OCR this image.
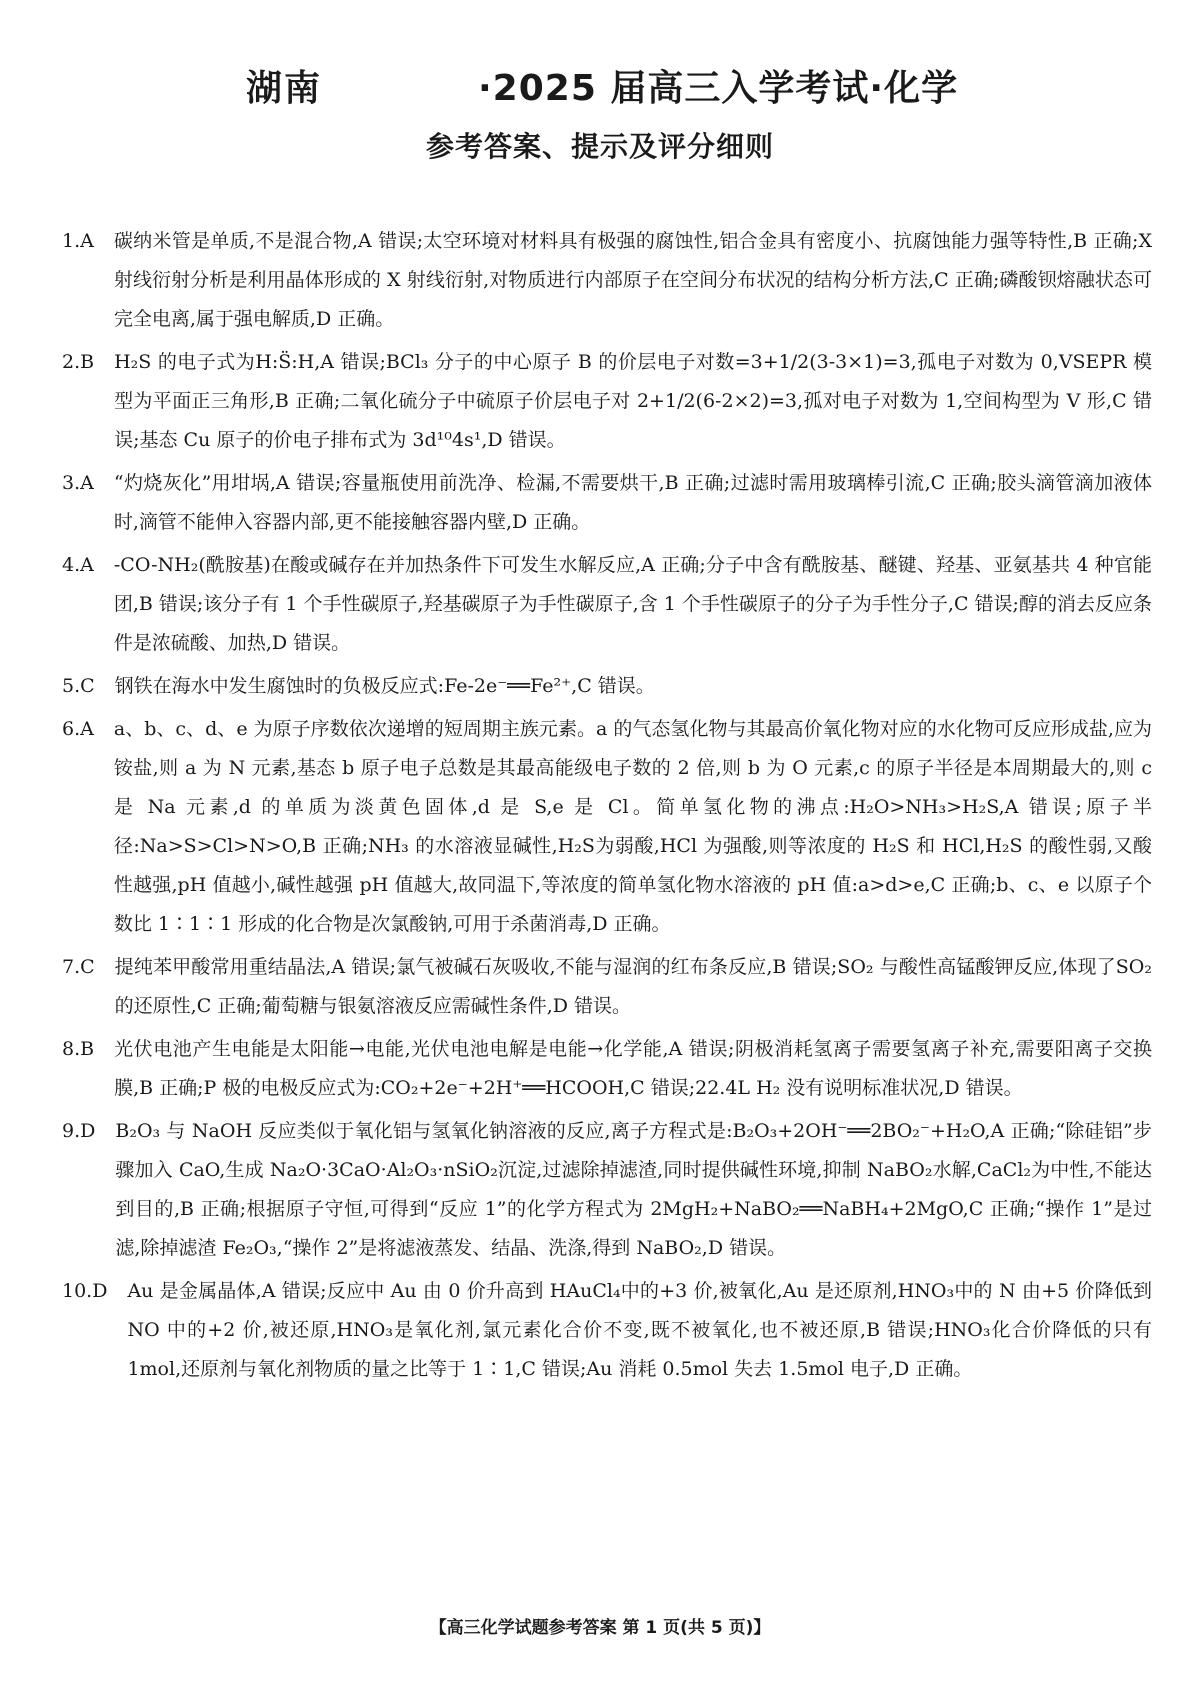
湖南	·2025 届高三入学考试·化学
参考答案、提示及评分细则
1.A	碳纳米管是单质,不是混合物,A 错误;太空环境对材料具有极强的腐蚀性,铝合金具有密度小、抗腐蚀能力强等特性,B 正确;X 射线衍射分析是利用晶体形成的 X 射线衍射,对物质进行内部原子在空间分布状况的结构分析方法,C 正确;磷酸钡熔融状态可完全电离,属于强电解质,D 正确。
2.B	H₂S 的电子式为H:S̈:H,A 错误;BCl₃ 分子的中心原子 B 的价层电子对数=3+1/2(3-3×1)=3,孤电子对数为 0,VSEPR 模型为平面正三角形,B 正确;二氧化硫分子中硫原子价层电子对 2+1/2(6-2×2)=3,孤对电子对数为 1,空间构型为 V 形,C 错误;基态 Cu 原子的价电子排布式为 3d¹⁰4s¹,D 错误。
3.A	“灼烧灰化”用坩埚,A 错误;容量瓶使用前洗净、检漏,不需要烘干,B 正确;过滤时需用玻璃棒引流,C 正确;胶头滴管滴加液体时,滴管不能伸入容器内部,更不能接触容器内壁,D 正确。
4.A	-CO-NH₂(酰胺基)在酸或碱存在并加热条件下可发生水解反应,A 正确;分子中含有酰胺基、醚键、羟基、亚氨基共 4 种官能团,B 错误;该分子有 1 个手性碳原子,羟基碳原子为手性碳原子,含 1 个手性碳原子的分子为手性分子,C 错误;醇的消去反应条件是浓硫酸、加热,D 错误。
5.C	钢铁在海水中发生腐蚀时的负极反应式:Fe-2e⁻══Fe²⁺,C 错误。
6.A	a、b、c、d、e 为原子序数依次递增的短周期主族元素。a 的气态氢化物与其最高价氧化物对应的水化物可反应形成盐,应为铵盐,则 a 为 N 元素,基态 b 原子电子总数是其最高能级电子数的 2 倍,则 b 为 O 元素,c 的原子半径是本周期最大的,则 c 是 Na 元素,d 的单质为淡黄色固体,d 是 S,e 是 Cl。简单氢化物的沸点:H₂O>NH₃>H₂S,A 错误;原子半径:Na>S>Cl>N>O,B 正确;NH₃ 的水溶液显碱性,H₂S为弱酸,HCl 为强酸,则等浓度的 H₂S 和 HCl,H₂S 的酸性弱,又酸性越强,pH 值越小,碱性越强 pH 值越大,故同温下,等浓度的简单氢化物水溶液的 pH 值:a>d>e,C 正确;b、c、e 以原子个数比 1∶1∶1 形成的化合物是次氯酸钠,可用于杀菌消毒,D 正确。
7.C	提纯苯甲酸常用重结晶法,A 错误;氯气被碱石灰吸收,不能与湿润的红布条反应,B 错误;SO₂ 与酸性高锰酸钾反应,体现了SO₂ 的还原性,C 正确;葡萄糖与银氨溶液反应需碱性条件,D 错误。
8.B	光伏电池产生电能是太阳能→电能,光伏电池电解是电能→化学能,A 错误;阴极消耗氢离子需要氢离子补充,需要阳离子交换膜,B 正确;P 极的电极反应式为:CO₂+2e⁻+2H⁺══HCOOH,C 错误;22.4L H₂ 没有说明标准状况,D 错误。
9.D	B₂O₃ 与 NaOH 反应类似于氧化铝与氢氧化钠溶液的反应,离子方程式是:B₂O₃+2OH⁻══2BO₂⁻+H₂O,A 正确;“除硅铝”步骤加入 CaO,生成 Na₂O·3CaO·Al₂O₃·nSiO₂沉淀,过滤除掉滤渣,同时提供碱性环境,抑制 NaBO₂水解,CaCl₂为中性,不能达到目的,B 正确;根据原子守恒,可得到“反应 1”的化学方程式为 2MgH₂+NaBO₂══NaBH₄+2MgO,C 正确;“操作 1”是过滤,除掉滤渣 Fe₂O₃,“操作 2”是将滤液蒸发、结晶、洗涤,得到 NaBO₂,D 错误。
10.D	Au 是金属晶体,A 错误;反应中 Au 由 0 价升高到 HAuCl₄中的+3 价,被氧化,Au 是还原剂,HNO₃中的 N 由+5 价降低到 NO 中的+2 价,被还原,HNO₃是氧化剂,氯元素化合价不变,既不被氧化,也不被还原,B 错误;HNO₃化合价降低的只有 1mol,还原剂与氧化剂物质的量之比等于 1∶1,C 错误;Au 消耗 0.5mol 失去 1.5mol 电子,D 正确。
【高三化学试题参考答案 第 1 页(共 5 页)】
